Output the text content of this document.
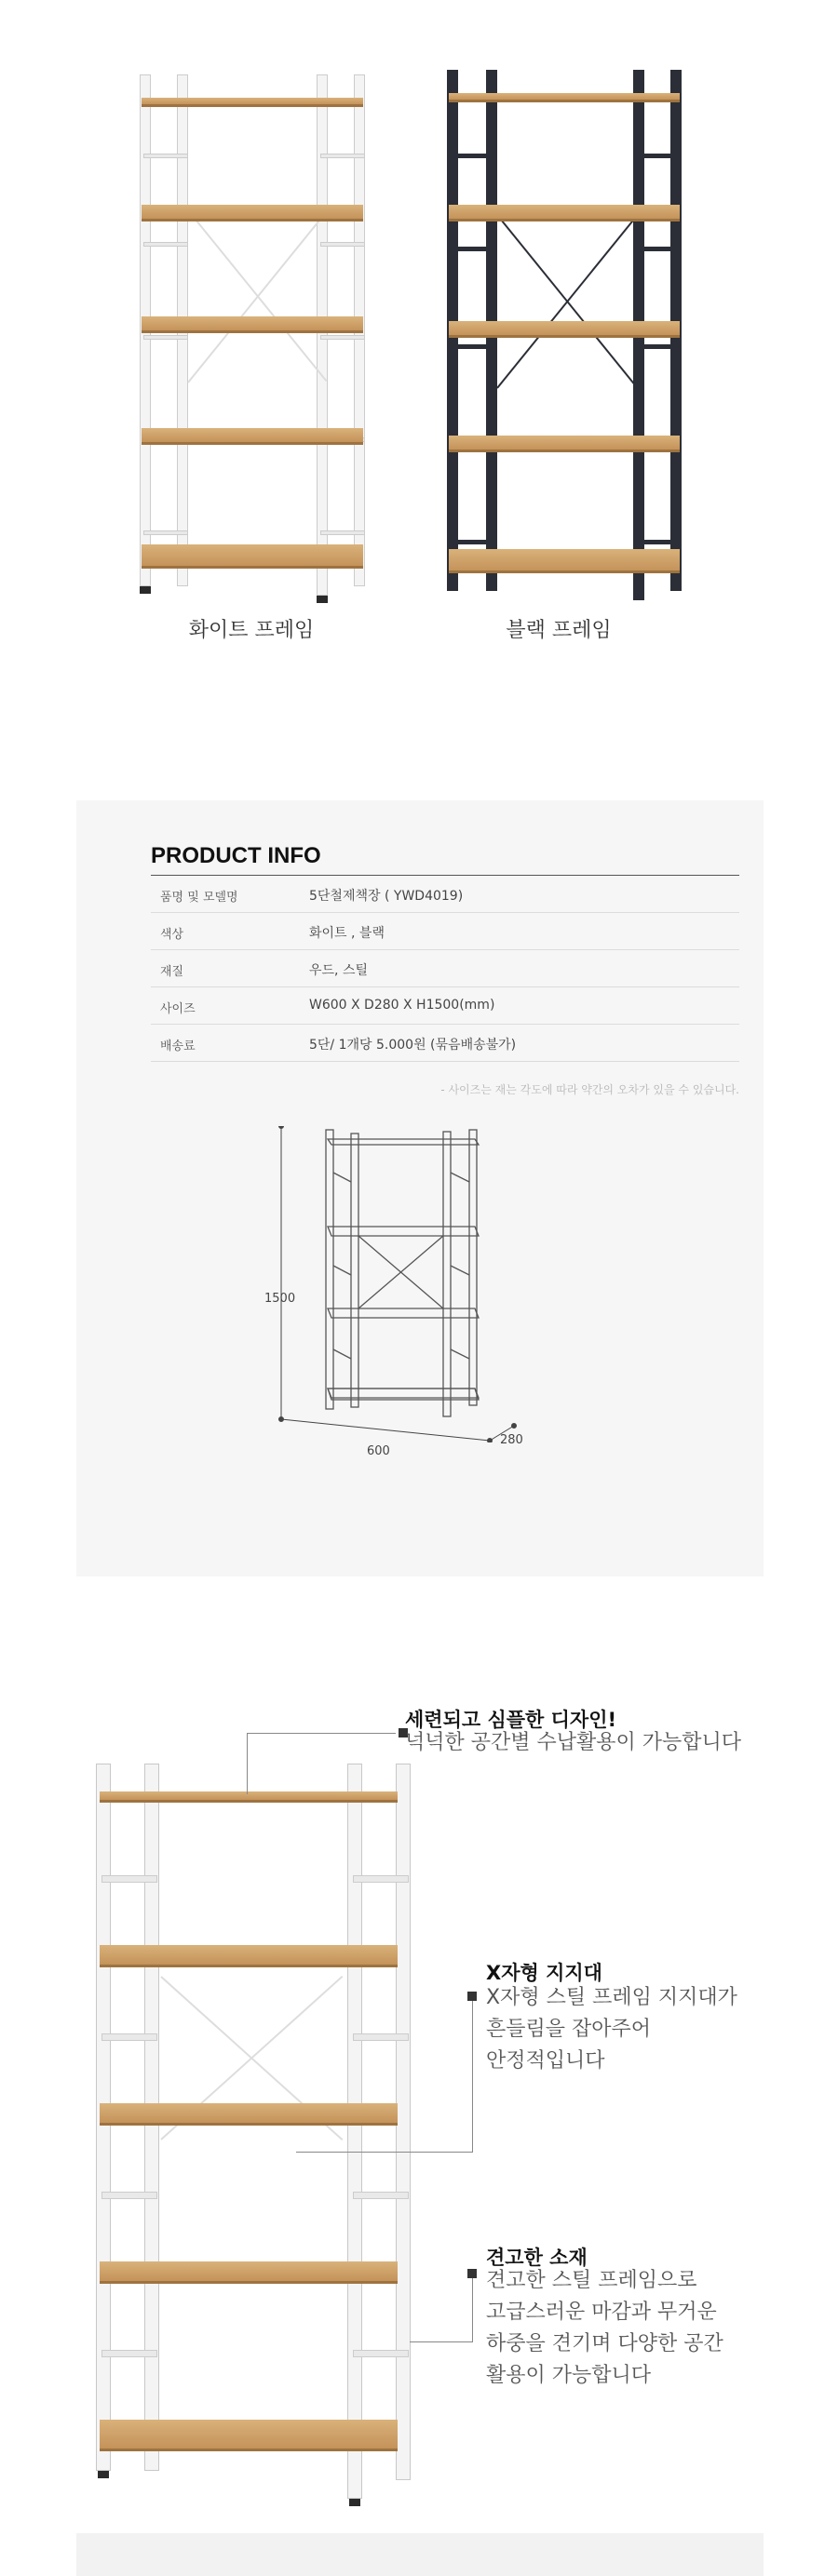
화이트 프레임	블랙 프레임
PRODUCT INFO
품명 및 모델명	5단철제책장 ( YWD4019)
색상	화이트 , 블랙
재질	우드, 스틸
사이즈	W600 X D280 X H1500(mm)
배송료	5단/ 1개당 5.000원 (묶음배송불가)
- 사이즈는 재는 각도에 따라 약간의 오차가 있을 수 있습니다.
1500
600
280
세련되고 심플한 디자인!
넉넉한 공간별 수납활용이 가능합니다
X자형 지지대
X자형 스틸 프레임 지지대가
흔들림을 잡아주어
안정적입니다
견고한 소재
견고한 스틸 프레임으로
고급스러운 마감과 무거운
하중을 견기며 다양한 공간
활용이 가능합니다
